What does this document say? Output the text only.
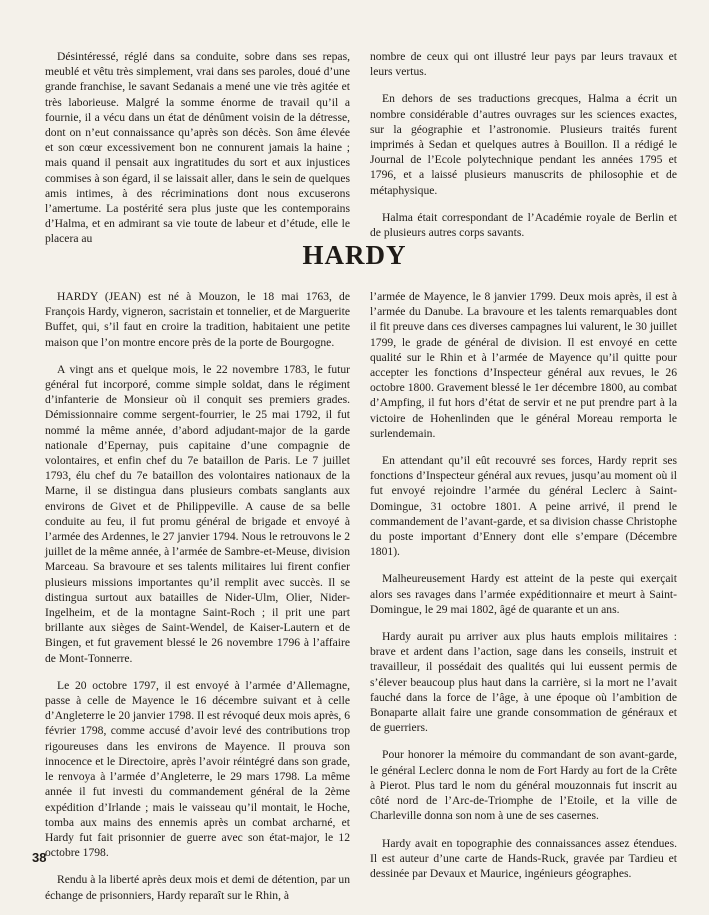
Désintéressé, réglé dans sa conduite, sobre dans ses repas, meublé et vêtu très simplement, vrai dans ses paroles, doué d’une grande franchise, le savant Sedanais a mené une vie très agitée et très laborieuse. Malgré la somme énorme de travail qu’il a fournie, il a vécu dans un état de dénûment voisin de la détresse, dont on n’eut connaissance qu’après son décès. Son âme élevée et son cœur excessivement bon ne connurent jamais la haine ; mais quand il pensait aux ingratitudes du sort et aux injustices commises à son égard, il se laissait aller, dans le sein de quelques amis intimes, à des récriminations dont nous excuserons l’amertume. La postérité sera plus juste que les contemporains d’Halma, et en admirant sa vie toute de labeur et d’étude, elle le placera au

nombre de ceux qui ont illustré leur pays par leurs travaux et leurs vertus.

En dehors de ses traductions grecques, Halma a écrit un nombre considérable d’autres ouvrages sur les sciences exactes, sur la géographie et l’astronomie. Plusieurs traités furent imprimés à Sedan et quelques autres à Bouillon. Il a rédigé le Journal de l’Ecole polytechnique pendant les années 1795 et 1796, et a laissé plusieurs manuscrits de philosophie et de métaphysique.

Halma était correspondant de l’Académie royale de Berlin et de plusieurs autres corps savants.

HARDY

HARDY (JEAN) est né à Mouzon, le 18 mai 1763, de François Hardy, vigneron, sacristain et tonnelier, et de Marguerite Buffet, qui, s’il faut en croire la tradition, habitaient une petite maison que l’on montre encore près de la porte de Bourgogne.

A vingt ans et quelque mois, le 22 novembre 1783, le futur général fut incorporé, comme simple soldat, dans le régiment d’infanterie de Monsieur où il conquit ses premiers grades. Démissionnaire comme sergent-fourrier, le 25 mai 1792, il fut nommé la même année, d’abord adjudant-major de la garde nationale d’Epernay, puis capitaine d’une compagnie de volontaires, et enfin chef du 7e bataillon de Paris. Le 7 juillet 1793, élu chef du 7e bataillon des volontaires nationaux de la Marne, il se distingua dans plusieurs combats sanglants aux environs de Givet et de Philippeville. A cause de sa belle conduite au feu, il fut promu général de brigade et envoyé à l’armée des Ardennes, le 27 janvier 1794. Nous le retrouvons le 2 juillet de la même année, à l’armée de Sambre-et-Meuse, division Marceau. Sa bravoure et ses talents militaires lui firent confier plusieurs missions importantes qu’il remplit avec succès. Il se distingua surtout aux batailles de Nider-Ulm, Olier, Nider-Ingelheim, et de la montagne Saint-Roch ; il prit une part brillante aux sièges de Saint-Wendel, de Kaiser-Lautern et de Bingen, et fut gravement blessé le 26 novembre 1796 à l’affaire de Mont-Tonnerre.

Le 20 octobre 1797, il est envoyé à l’armée d’Allemagne, passe à celle de Mayence le 16 décembre suivant et à celle d’Angleterre le 20 janvier 1798. Il est révoqué deux mois après, 6 février 1798, comme accusé d’avoir levé des contributions trop rigoureuses dans les environs de Mayence. Il prouva son innocence et le Directoire, après l’avoir réintégré dans son grade, le renvoya à l’armée d’Angleterre, le 29 mars 1798. La même année il fut investi du commandement général de la 2ème expédition d’Irlande ; mais le vaisseau qu’il montait, le Hoche, tomba aux mains des ennemis après un combat archarné, et Hardy fut fait prisonnier de guerre avec son état-major, le 12 octobre 1798.

Rendu à la liberté après deux mois et demi de détention, par un échange de prisonniers, Hardy reparaît sur le Rhin, à

l’armée de Mayence, le 8 janvier 1799. Deux mois après, il est à l’armée du Danube. La bravoure et les talents remarquables dont il fit preuve dans ces diverses campagnes lui valurent, le 30 juillet 1799, le grade de général de division. Il est envoyé en cette qualité sur le Rhin et à l’armée de Mayence qu’il quitte pour accepter les fonctions d’Inspecteur général aux revues, le 26 octobre 1800. Gravement blessé le 1er décembre 1800, au combat d’Ampfing, il fut hors d’état de servir et ne put prendre part à la victoire de Hohenlinden que le général Moreau remporta le surlendemain.

En attendant qu’il eût recouvré ses forces, Hardy reprit ses fonctions d’Inspecteur général aux revues, jusqu’au moment où il fut envoyé rejoindre l’armée du général Leclerc à Saint-Domingue, 31 octobre 1801. A peine arrivé, il prend le commandement de l’avant-garde, et sa division chasse Christophe du poste important d’Ennery dont elle s’empare (Décembre 1801).

Malheureusement Hardy est atteint de la peste qui exerçait alors ses ravages dans l’armée expéditionnaire et meurt à Saint-Domingue, le 29 mai 1802, âgé de quarante et un ans.

Hardy aurait pu arriver aux plus hauts emplois militaires : brave et ardent dans l’action, sage dans les conseils, instruit et travailleur, il possédait des qualités qui lui eussent permis de s’élever beaucoup plus haut dans la carrière, si la mort ne l’avait fauché dans la force de l’âge, à une époque où l’ambition de Bonaparte allait faire une grande consommation de généraux et de guerriers.

Pour honorer la mémoire du commandant de son avant-garde, le général Leclerc donna le nom de Fort Hardy au fort de la Crête à Pierot. Plus tard le nom du général mouzonnais fut inscrit au côté nord de l’Arc-de-Triomphe de l’Etoile, et la ville de Charleville donna son nom à une de ses casernes.

Hardy avait en topographie des connaissances assez étendues. Il est auteur d’une carte de Hands-Ruck, gravée par Tardieu et dessinée par Devaux et Maurice, ingénieurs géographes.

38
